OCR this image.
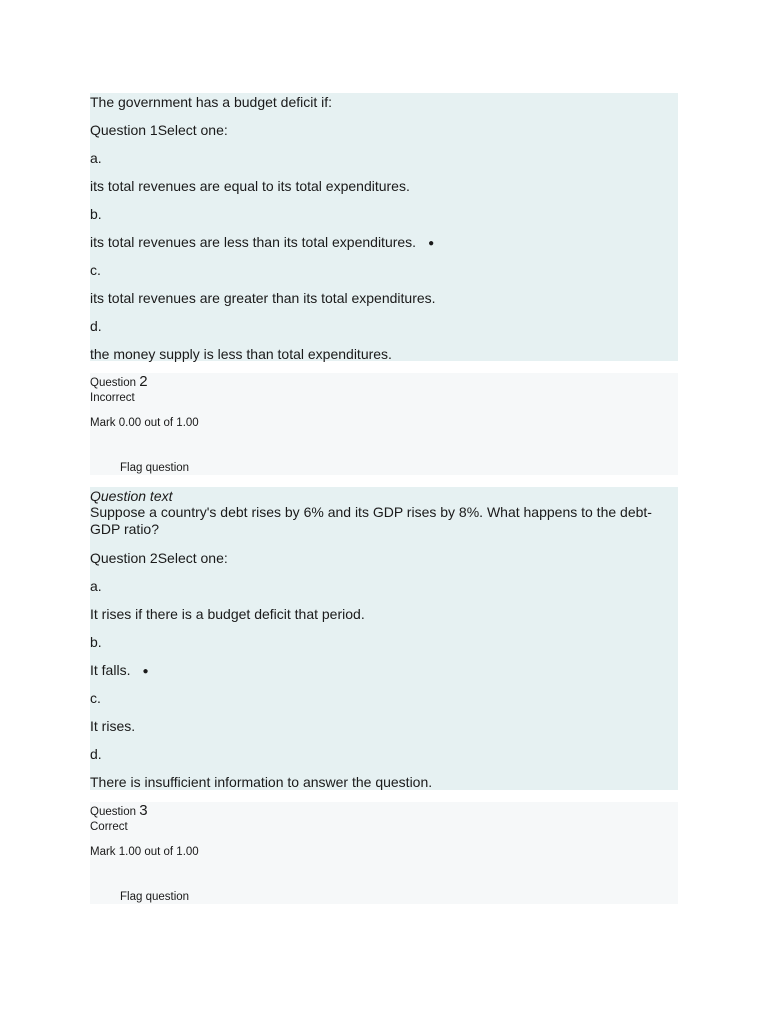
The government has a budget deficit if:
Question 1Select one:
a.
its total revenues are equal to its total expenditures.
b.
its total revenues are less than its total expenditures. ●
c.
its total revenues are greater than its total expenditures.
d.
the money supply is less than total expenditures.
Question 2
Incorrect
Mark 0.00 out of 1.00
Flag question
Question text
Suppose a country's debt rises by 6% and its GDP rises by 8%. What happens to the debt-GDP ratio?
Question 2Select one:
a.
It rises if there is a budget deficit that period.
b.
It falls. ●
c.
It rises.
d.
There is insufficient information to answer the question.
Question 3
Correct
Mark 1.00 out of 1.00
Flag question
